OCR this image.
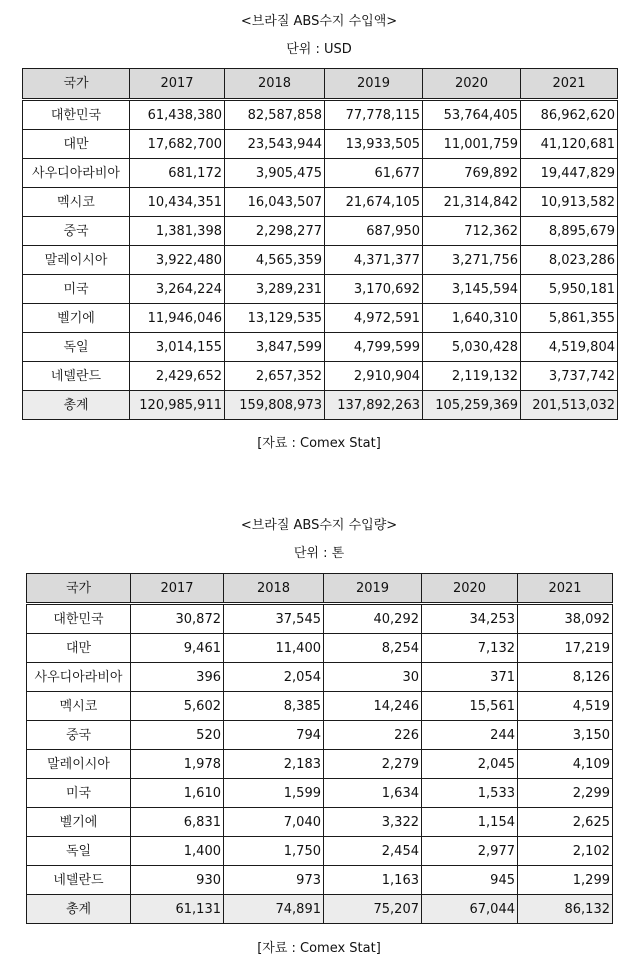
<브라질 ABS수지 수입액>
단위 : USD
국가	2017	2018	2019	2020	2021
대한민국	61,438,380	82,587,858	77,778,115	53,764,405	86,962,620
대만	17,682,700	23,543,944	13,933,505	11,001,759	41,120,681
사우디아라비아	681,172	3,905,475	61,677	769,892	19,447,829
멕시코	10,434,351	16,043,507	21,674,105	21,314,842	10,913,582
중국	1,381,398	2,298,277	687,950	712,362	8,895,679
말레이시아	3,922,480	4,565,359	4,371,377	3,271,756	8,023,286
미국	3,264,224	3,289,231	3,170,692	3,145,594	5,950,181
벨기에	11,946,046	13,129,535	4,972,591	1,640,310	5,861,355
독일	3,014,155	3,847,599	4,799,599	5,030,428	4,519,804
네델란드	2,429,652	2,657,352	2,910,904	2,119,132	3,737,742
총계	120,985,911	159,808,973	137,892,263	105,259,369	201,513,032
[자료 : Comex Stat]
<브라질 ABS수지 수입량>
단위 : 톤
국가	2017	2018	2019	2020	2021
대한민국	30,872	37,545	40,292	34,253	38,092
대만	9,461	11,400	8,254	7,132	17,219
사우디아라비아	396	2,054	30	371	8,126
멕시코	5,602	8,385	14,246	15,561	4,519
중국	520	794	226	244	3,150
말레이시아	1,978	2,183	2,279	2,045	4,109
미국	1,610	1,599	1,634	1,533	2,299
벨기에	6,831	7,040	3,322	1,154	2,625
독일	1,400	1,750	2,454	2,977	2,102
네델란드	930	973	1,163	945	1,299
총계	61,131	74,891	75,207	67,044	86,132
[자료 : Comex Stat]
